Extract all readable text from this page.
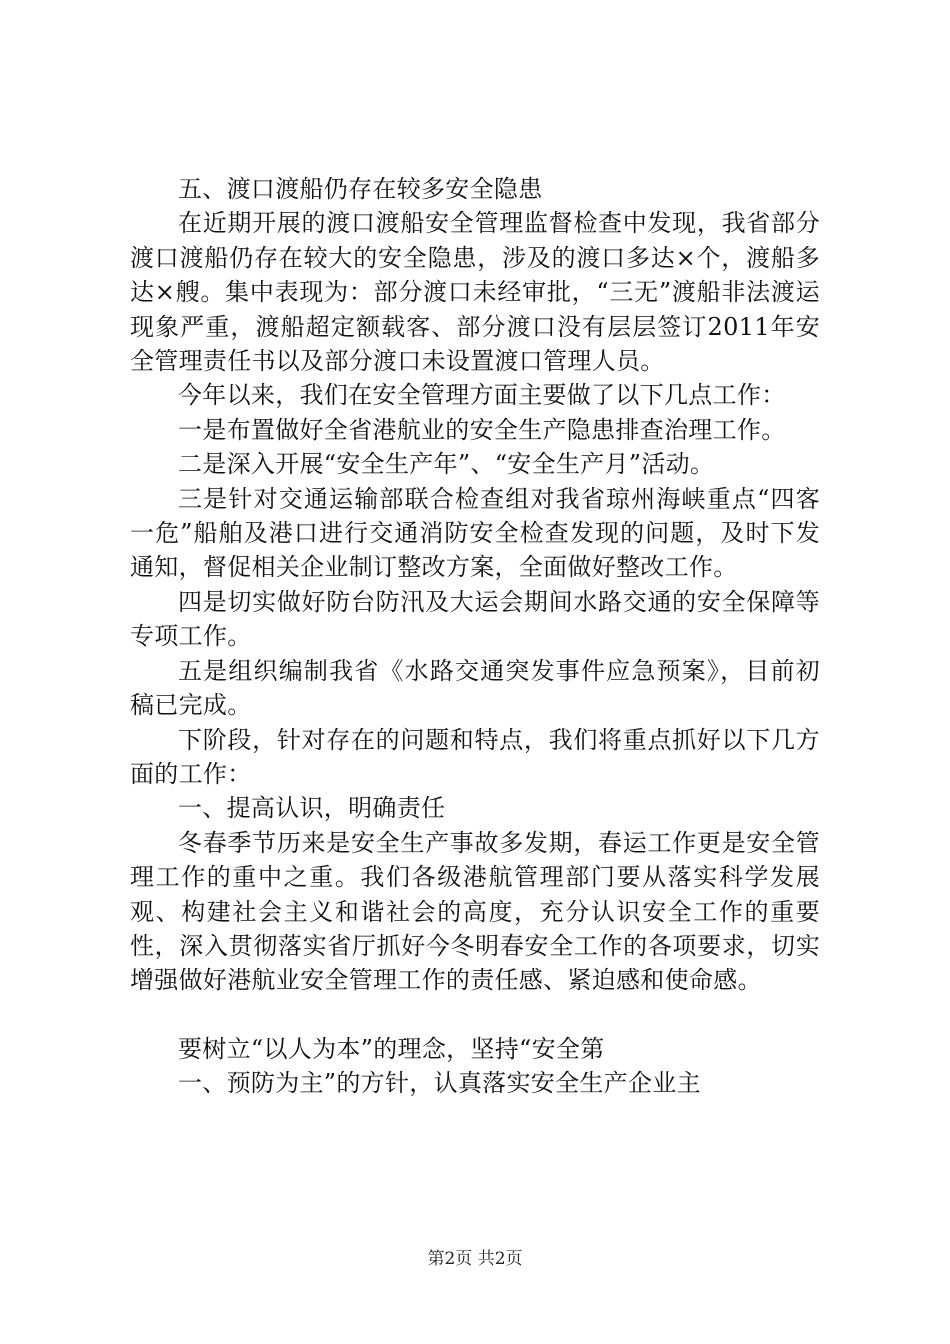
五、渡口渡船仍存在较多安全隐患

在近期开展的渡口渡船安全管理监督检查中发现，我省部分渡口渡船仍存在较大的安全隐患，涉及的渡口多达×个，渡船多达×艘。集中表现为：部分渡口未经审批，“三无”渡船非法渡运现象严重，渡船超定额载客、部分渡口没有层层签订2011年安全管理责任书以及部分渡口未设置渡口管理人员。

今年以来，我们在安全管理方面主要做了以下几点工作：

一是布置做好全省港航业的安全生产隐患排查治理工作。

二是深入开展“安全生产年”、“安全生产月”活动。

三是针对交通运输部联合检查组对我省琼州海峡重点“四客一危”船舶及港口进行交通消防安全检查发现的问题，及时下发通知，督促相关企业制订整改方案，全面做好整改工作。

四是切实做好防台防汛及大运会期间水路交通的安全保障等专项工作。

五是组织编制我省《水路交通突发事件应急预案》，目前初稿已完成。

下阶段，针对存在的问题和特点，我们将重点抓好以下几方面的工作：

一、提高认识，明确责任

冬春季节历来是安全生产事故多发期，春运工作更是安全管理工作的重中之重。我们各级港航管理部门要从落实科学发展观、构建社会主义和谐社会的高度，充分认识安全工作的重要性，深入贯彻落实省厅抓好今冬明春安全工作的各项要求，切实增强做好港航业安全管理工作的责任感、紧迫感和使命感。

要树立“以人为本”的理念，坚持“安全第

一、预防为主”的方针，认真落实安全生产企业主

第2页 共2页
